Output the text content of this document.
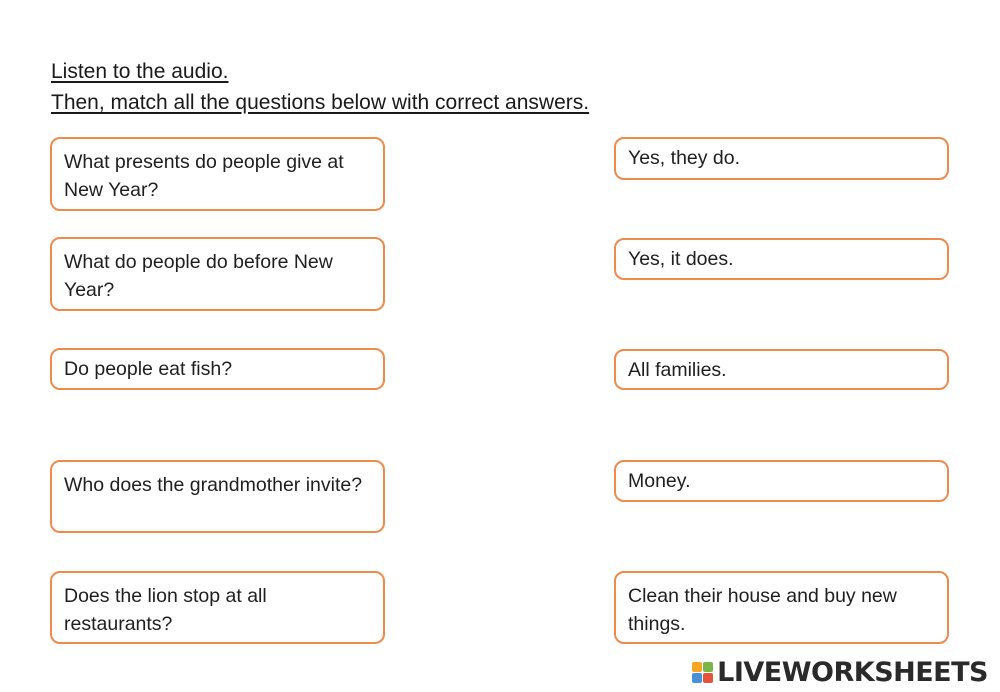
Listen to the audio.

Then, match all the questions below with correct answers.

What presents do people give at New Year?
What do people do before New Year?
Do people eat fish?
Who does the grandmother invite?
Does the lion stop at all restaurants?
Yes, they do.
Yes, it does.
All families.
Money.
Clean their house and buy new things.
LIVEWORKSHEETS
